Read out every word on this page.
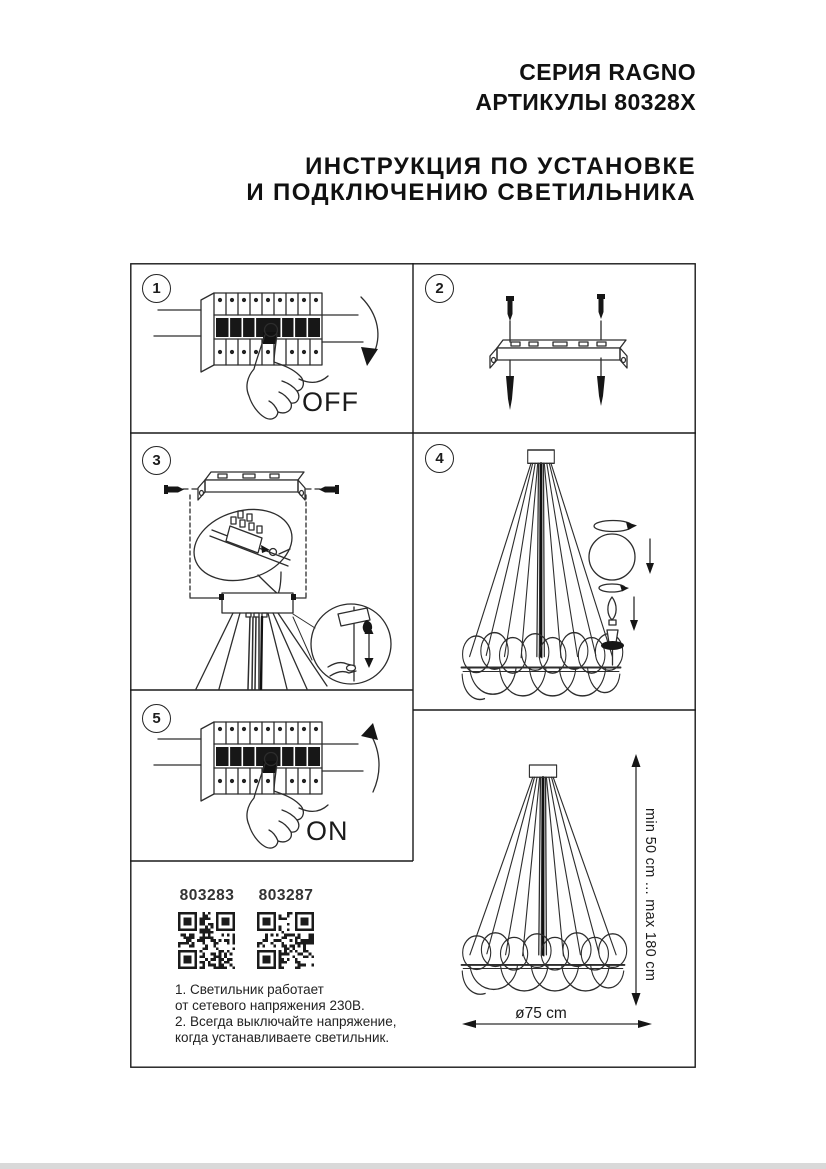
СЕРИЯ RAGNO
АРТИКУЛЫ 80328X
ИНСТРУКЦИЯ ПО УСТАНОВКЕ
И ПОДКЛЮЧЕНИЮ СВЕТИЛЬНИКА
1
OFF
2
3	4
5
ON	min 50 cm ... max 180 cm
ø75 cm
803283 803287
1. Светильник работает
от сетевого напряжения 230В.
2. Всегда выключайте напряжение,
когда устанавливаете светильник.
